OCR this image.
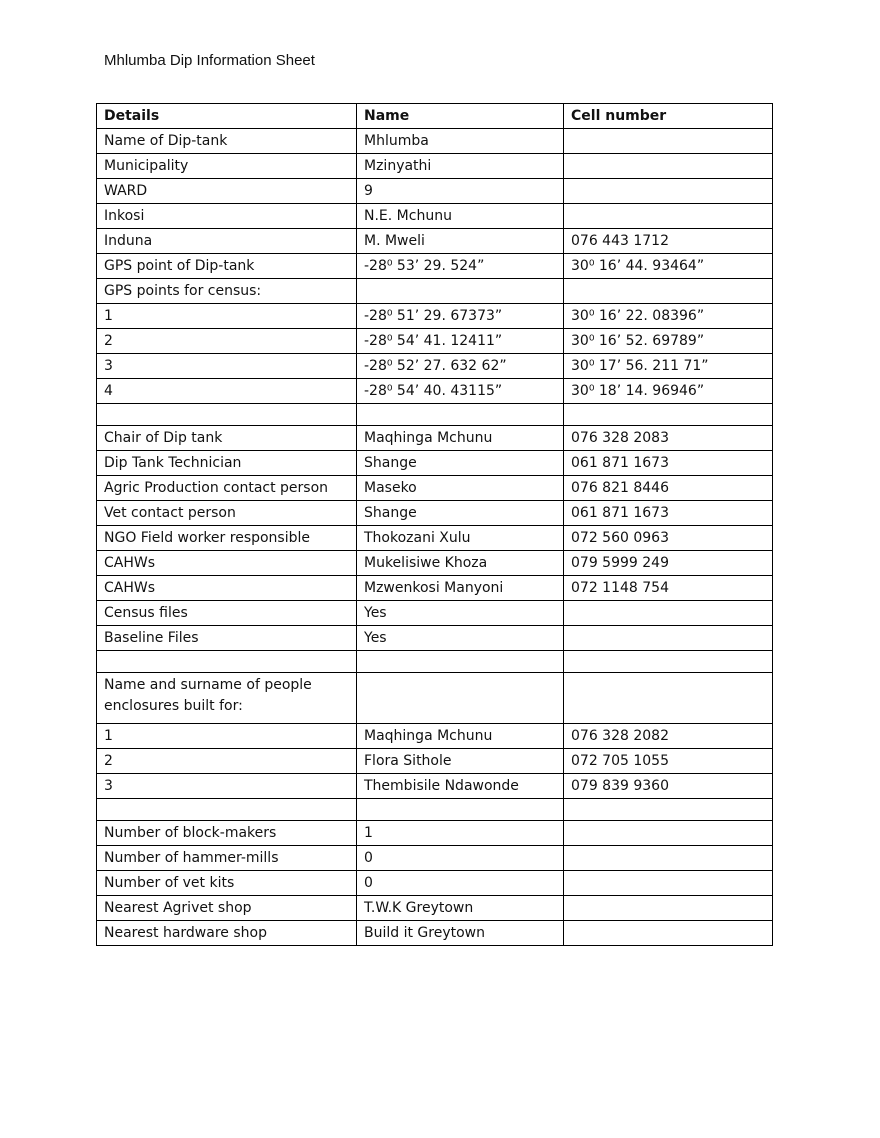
Mhlumba Dip Information Sheet
Details	Name	Cell number
Name of Dip-tank	Mhlumba	
Municipality	Mzinyathi	
WARD	9	
Inkosi	N.E. Mchunu	
Induna	M. Mweli	076 443 1712
GPS point of Dip-tank	-28⁰ 53’ 29. 524”	30⁰ 16’ 44. 93464”
GPS points for census:		
1	-28⁰ 51’ 29. 67373”	30⁰ 16’ 22. 08396”
2	-28⁰ 54’ 41. 12411”	30⁰ 16’ 52. 69789”
3	-28⁰ 52’ 27. 632 62”	30⁰ 17’ 56. 211 71”
4	-28⁰ 54’ 40. 43115”	30⁰ 18’ 14. 96946”

Chair of Dip tank	Maqhinga Mchunu	076 328 2083
Dip Tank Technician	Shange	061 871 1673
Agric Production contact person	Maseko	076 821 8446
Vet contact person	Shange	061 871 1673
NGO Field worker responsible	Thokozani Xulu	072 560 0963
CAHWs	Mukelisiwe Khoza	079 5999 249
CAHWs	Mzwenkosi Manyoni	072 1148 754
Census files	Yes	
Baseline Files	Yes	

Name and surname of people enclosures built for:		
1	Maqhinga Mchunu	076 328 2082
2	Flora Sithole	072 705 1055
3	Thembisile Ndawonde	079 839 9360

Number of block-makers	1	
Number of hammer-mills	0	
Number of vet kits	0	
Nearest Agrivet shop	T.W.K Greytown	
Nearest hardware shop	Build it Greytown	
